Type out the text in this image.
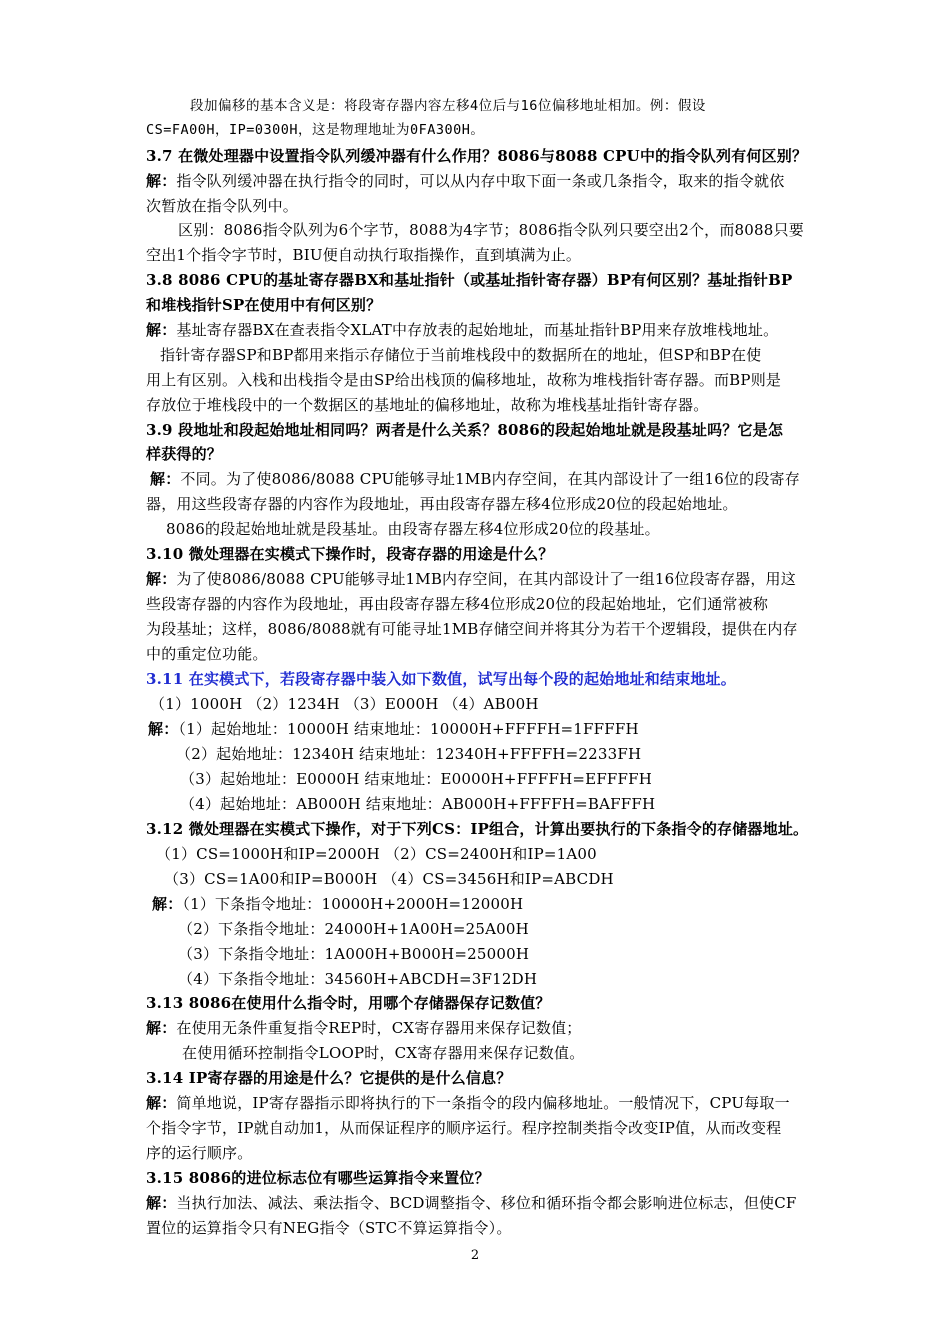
段加偏移的基本含义是：将段寄存器内容左移4位后与16位偏移地址相加。例：假设
CS=FA00H，IP=0300H，这是物理地址为0FA300H。
3.7 在微处理器中设置指令队列缓冲器有什么作用？8086与8088 CPU中的指令队列有何区别？
解：指令队列缓冲器在执行指令的同时，可以从内存中取下面一条或几条指令，取来的指令就依
次暂放在指令队列中。
区别：8086指令队列为6个字节，8088为4字节；8086指令队列只要空出2个，而8088只要
空出1个指令字节时，BIU便自动执行取指操作，直到填满为止。
3.8 8086 CPU的基址寄存器BX和基址指针（或基址指针寄存器）BP有何区别？基址指针BP
和堆栈指针SP在使用中有何区别？
解：基址寄存器BX在查表指令XLAT中存放表的起始地址，而基址指针BP用来存放堆栈地址。
指针寄存器SP和BP都用来指示存储位于当前堆栈段中的数据所在的地址，但SP和BP在使
用上有区别。入栈和出栈指令是由SP给出栈顶的偏移地址，故称为堆栈指针寄存器。而BP则是
存放位于堆栈段中的一个数据区的基地址的偏移地址，故称为堆栈基址指针寄存器。
3.9 段地址和段起始地址相同吗？两者是什么关系？8086的段起始地址就是段基址吗？它是怎
样获得的？
解：不同。为了使8086/8088 CPU能够寻址1MB内存空间，在其内部设计了一组16位的段寄存
器，用这些段寄存器的内容作为段地址，再由段寄存器左移4位形成20位的段起始地址。
8086的段起始地址就是段基址。由段寄存器左移4位形成20位的段基址。
3.10 微处理器在实模式下操作时，段寄存器的用途是什么？
解：为了使8086/8088 CPU能够寻址1MB内存空间，在其内部设计了一组16位段寄存器，用这
些段寄存器的内容作为段地址，再由段寄存器左移4位形成20位的段起始地址，它们通常被称
为段基址；这样，8086/8088就有可能寻址1MB存储空间并将其分为若干个逻辑段，提供在内存
中的重定位功能。
3.11 在实模式下，若段寄存器中装入如下数值，试写出每个段的起始地址和结束地址。
（1）1000H （2）1234H （3）E000H （4）AB00H
解：（1）起始地址：10000H 结束地址：10000H+FFFFH=1FFFFH
（2）起始地址：12340H 结束地址：12340H+FFFFH=2233FH
（3）起始地址：E0000H 结束地址：E0000H+FFFFH=EFFFFH
（4）起始地址：AB000H 结束地址：AB000H+FFFFH=BAFFFH
3.12 微处理器在实模式下操作，对于下列CS：IP组合，计算出要执行的下条指令的存储器地址。
（1）CS=1000H和IP=2000H （2）CS=2400H和IP=1A00
（3）CS=1A00和IP=B000H （4）CS=3456H和IP=ABCDH
解：（1）下条指令地址：10000H+2000H=12000H
（2）下条指令地址：24000H+1A00H=25A00H
（3）下条指令地址：1A000H+B000H=25000H
（4）下条指令地址：34560H+ABCDH=3F12DH
3.13 8086在使用什么指令时，用哪个存储器保存记数值？
解：在使用无条件重复指令REP时，CX寄存器用来保存记数值；
在使用循环控制指令LOOP时，CX寄存器用来保存记数值。
3.14 IP寄存器的用途是什么？它提供的是什么信息？
解：简单地说，IP寄存器指示即将执行的下一条指令的段内偏移地址。一般情况下，CPU每取一
个指令字节，IP就自动加1，从而保证程序的顺序运行。程序控制类指令改变IP值，从而改变程
序的运行顺序。
3.15 8086的进位标志位有哪些运算指令来置位？
解：当执行加法、减法、乘法指令、BCD调整指令、移位和循环指令都会影响进位标志，但使CF
置位的运算指令只有NEG指令（STC不算运算指令）。
2
